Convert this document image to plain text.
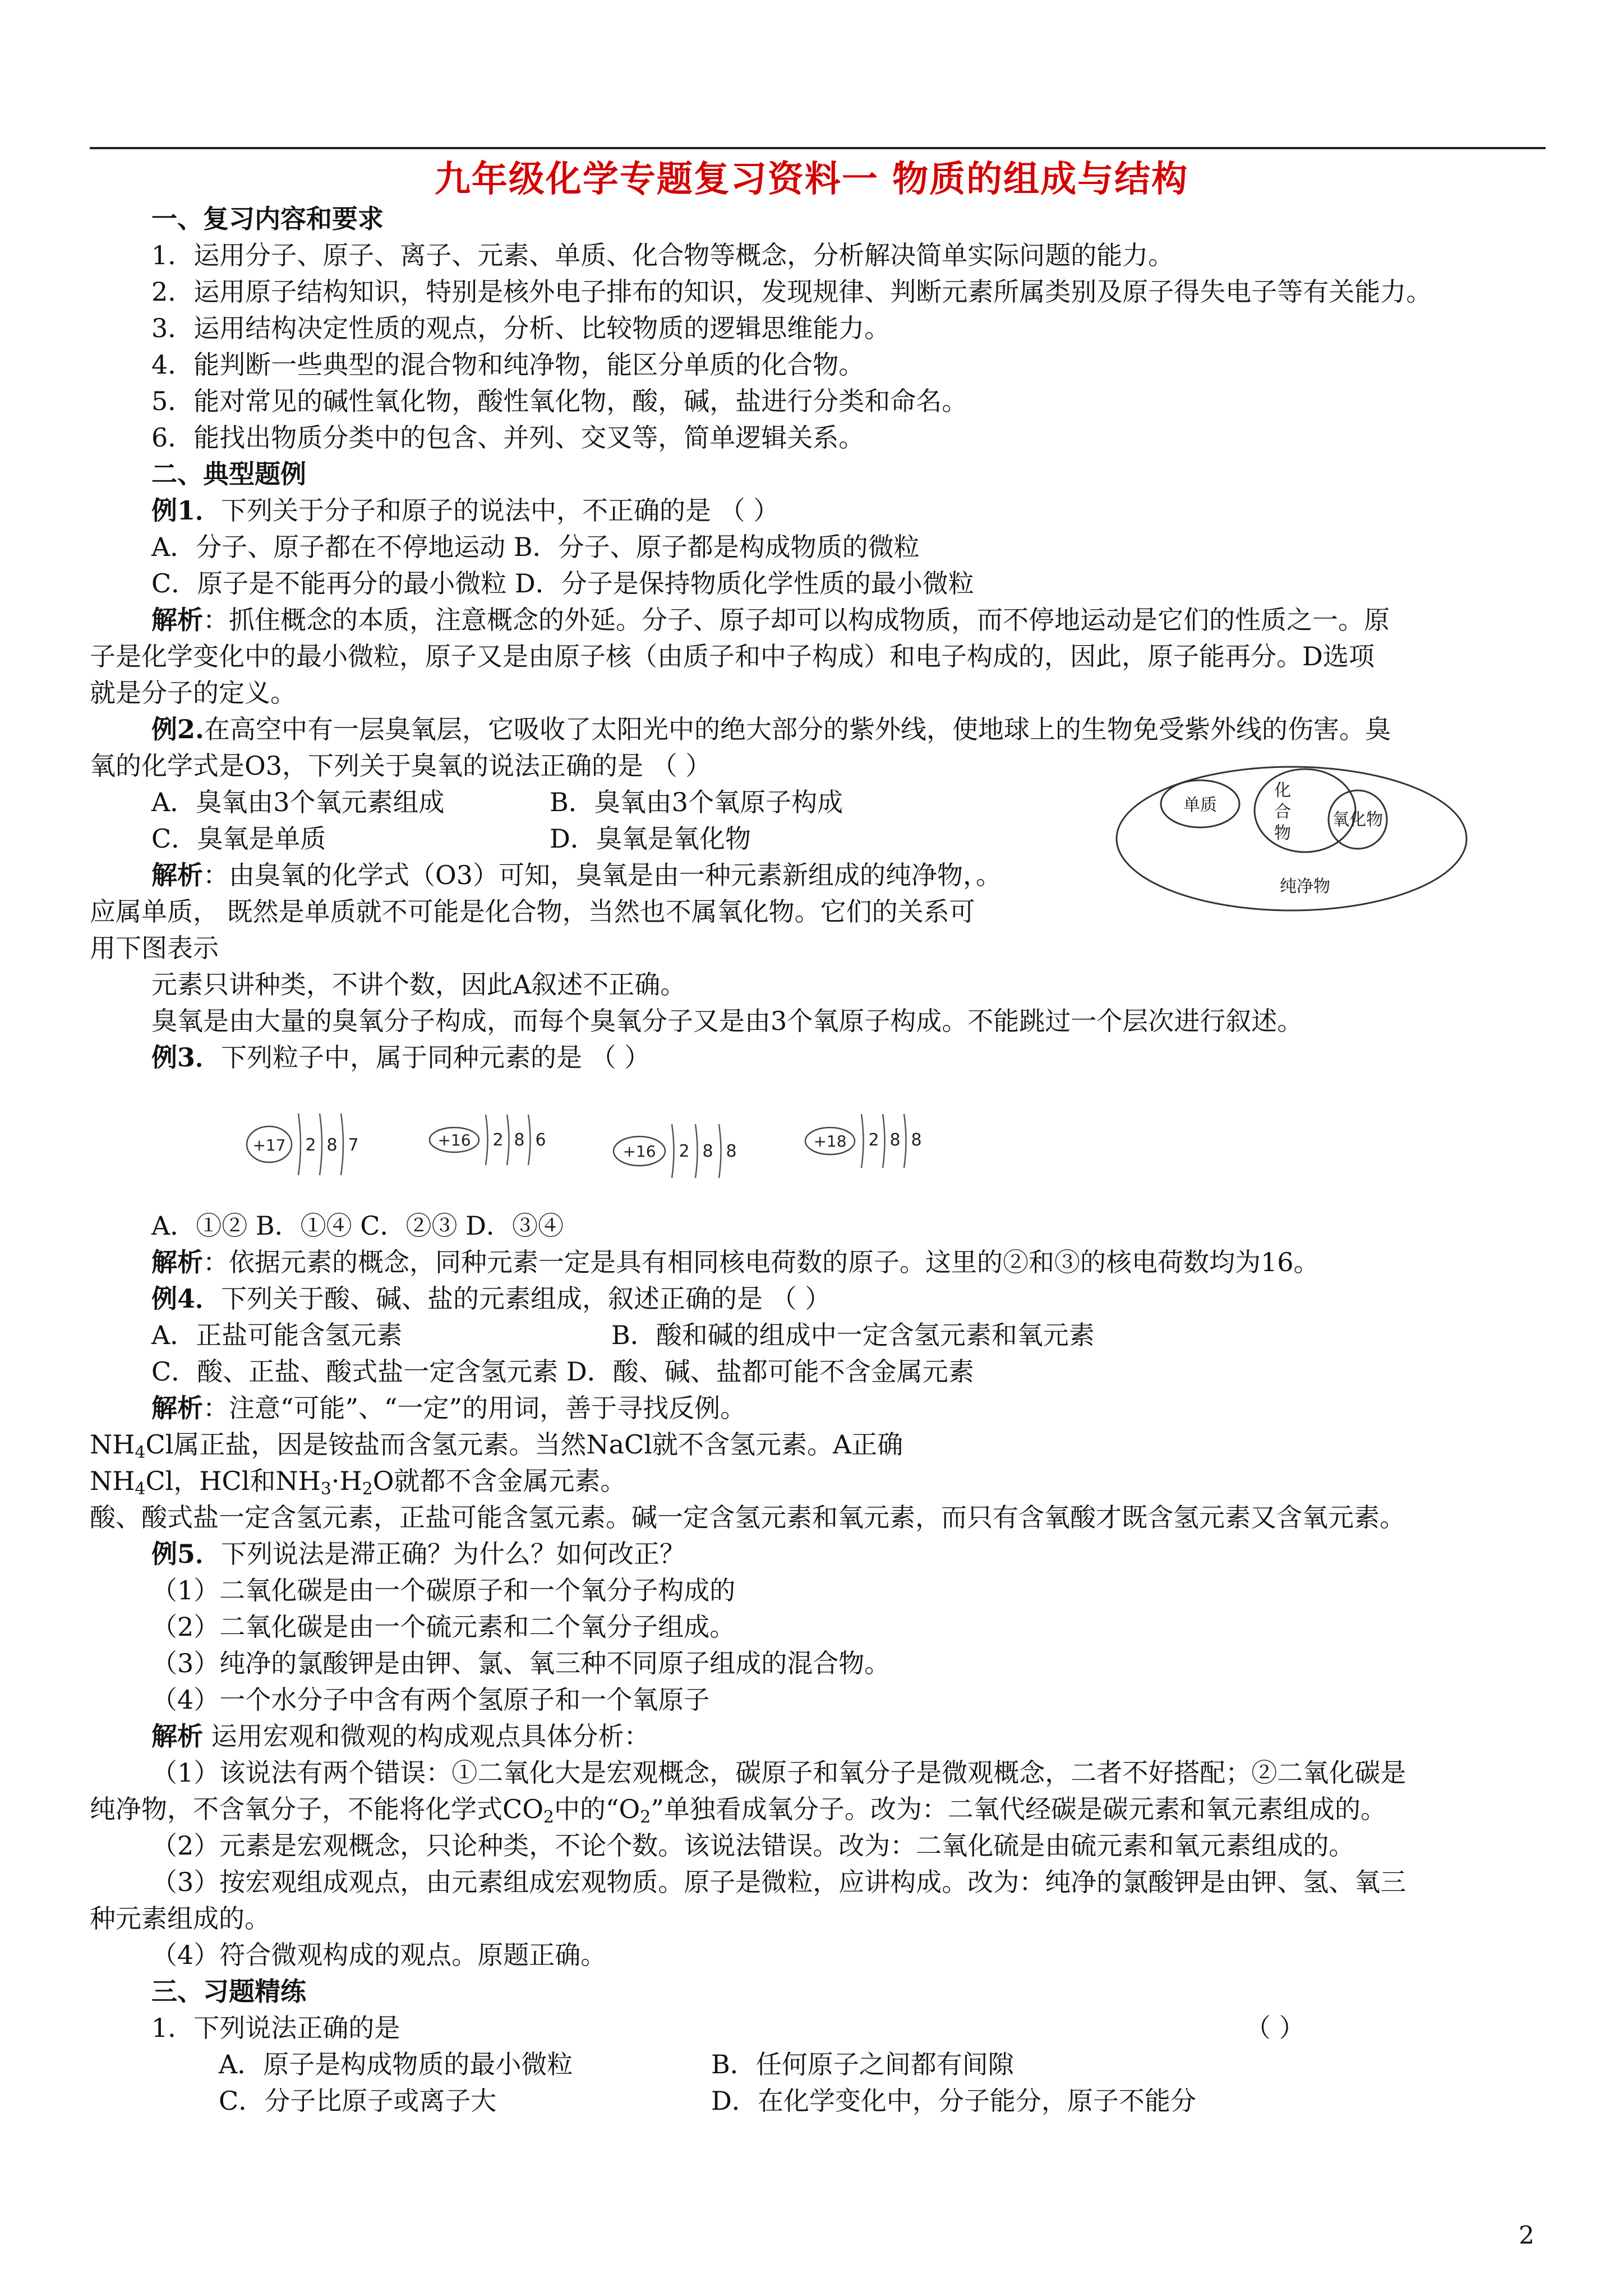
九年级化学专题复习资料一 物质的组成与结构
一、复习内容和要求
1．运用分子、原子、离子、元素、单质、化合物等概念，分析解决简单实际问题的能力。
2．运用原子结构知识，特别是核外电子排布的知识，发现规律、判断元素所属类别及原子得失电子等有关能力。
3．运用结构决定性质的观点，分析、比较物质的逻辑思维能力。
4．能判断一些典型的混合物和纯净物，能区分单质的化合物。
5．能对常见的碱性氧化物，酸性氧化物，酸，碱，盐进行分类和命名。
6．能找出物质分类中的包含、并列、交叉等，简单逻辑关系。
二、典型题例
例1．下列关于分子和原子的说法中，不正确的是 （ ）
A．分子、原子都在不停地运动 B．分子、原子都是构成物质的微粒
C．原子是不能再分的最小微粒 D．分子是保持物质化学性质的最小微粒
解析：抓住概念的本质，注意概念的外延。分子、原子却可以构成物质，而不停地运动是它们的性质之一。原
子是化学变化中的最小微粒，原子又是由原子核（由质子和中子构成）和电子构成的，因此，原子能再分。D选项
就是分子的定义。
例2.在高空中有一层臭氧层，它吸收了太阳光中的绝大部分的紫外线，使地球上的生物免受紫外线的伤害。臭
氧的化学式是O3，下列关于臭氧的说法正确的是 （ ）
A．臭氧由3个氧元素组成	B．臭氧由3个氧原子构成
C．臭氧是单质	D．臭氧是氧化物
解析：由臭氧的化学式（O3）可知，臭氧是由一种元素新组成的纯净物，。
应属单质， 既然是单质就不可能是化合物，当然也不属氧化物。它们的关系可
用下图表示
元素只讲种类，不讲个数，因此A叙述不正确。
臭氧是由大量的臭氧分子构成，而每个臭氧分子又是由3个氧原子构成。不能跳过一个层次进行叙述。
单质
化
合
物
氧化物
纯净物
例3．下列粒子中，属于同种元素的是 （ ）
+17 2 8 7	+16 2 8 6
+16 2 8 8
+18 2 8 8
A．①② B．①④ C．②③ D．③④
解析：依据元素的概念，同种元素一定是具有相同核电荷数的原子。这里的②和③的核电荷数均为16。
例4．下列关于酸、碱、盐的元素组成，叙述正确的是 （ ）
A．正盐可能含氢元素	B．酸和碱的组成中一定含氢元素和氧元素
C．酸、正盐、酸式盐一定含氢元素 D．酸、碱、盐都可能不含金属元素
解析：注意“可能”、“一定”的用词，善于寻找反例。
NH4Cl属正盐，因是铵盐而含氢元素。当然NaCl就不含氢元素。A正确
NH4Cl，HCl和NH3·H2O就都不含金属元素。
酸、酸式盐一定含氢元素，正盐可能含氢元素。碱一定含氢元素和氧元素，而只有含氧酸才既含氢元素又含氧元素。
例5．下列说法是滞正确？为什么？如何改正？
（1）二氧化碳是由一个碳原子和一个氧分子构成的
（2）二氧化碳是由一个硫元素和二个氧分子组成。
（3）纯净的氯酸钾是由钾、氯、氧三种不同原子组成的混合物。
（4）一个水分子中含有两个氢原子和一个氧原子
解析 运用宏观和微观的构成观点具体分析：
（1）该说法有两个错误：①二氧化大是宏观概念，碳原子和氧分子是微观概念，二者不好搭配；②二氧化碳是
纯净物，不含氧分子，不能将化学式CO2中的“O2”单独看成氧分子。改为：二氧代经碳是碳元素和氧元素组成的。
（2）元素是宏观概念，只论种类，不论个数。该说法错误。改为：二氧化硫是由硫元素和氧元素组成的。
（3）按宏观组成观点，由元素组成宏观物质。原子是微粒，应讲构成。改为：纯净的氯酸钾是由钾、氢、氧三
种元素组成的。
（4）符合微观构成的观点。原题正确。
三、习题精练
1．下列说法正确的是	（ ）
A．原子是构成物质的最小微粒	B．任何原子之间都有间隙
C．分子比原子或离子大	D．在化学变化中，分子能分，原子不能分
2
